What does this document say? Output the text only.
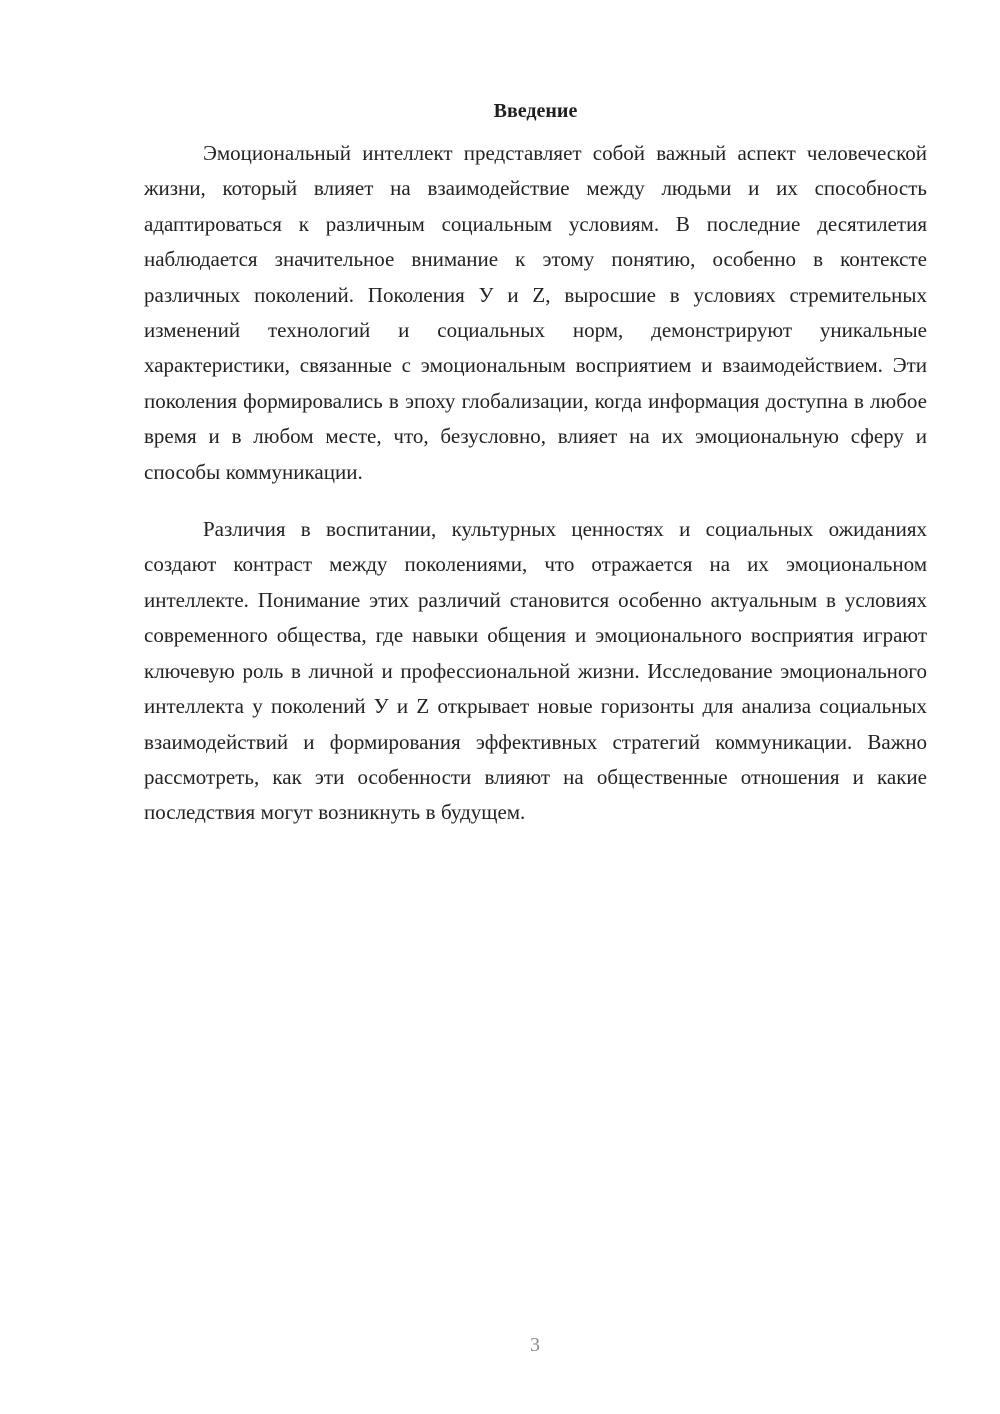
Введение

Эмоциональный интеллект представляет собой важный аспект человеческой жизни, который влияет на взаимодействие между людьми и их способность адаптироваться к различным социальным условиям. В последние десятилетия наблюдается значительное внимание к этому понятию, особенно в контексте различных поколений. Поколения У и Z, выросшие в условиях стремительных изменений технологий и социальных норм, демонстрируют уникальные характеристики, связанные с эмоциональным восприятием и взаимодействием. Эти поколения формировались в эпоху глобализации, когда информация доступна в любое время и в любом месте, что, безусловно, влияет на их эмоциональную сферу и способы коммуникации.

Различия в воспитании, культурных ценностях и социальных ожиданиях создают контраст между поколениями, что отражается на их эмоциональном интеллекте. Понимание этих различий становится особенно актуальным в условиях современного общества, где навыки общения и эмоционального восприятия играют ключевую роль в личной и профессиональной жизни. Исследование эмоционального интеллекта у поколений У и Z открывает новые горизонты для анализа социальных взаимодействий и формирования эффективных стратегий коммуникации. Важно рассмотреть, как эти особенности влияют на общественные отношения и какие последствия могут возникнуть в будущем.

3
